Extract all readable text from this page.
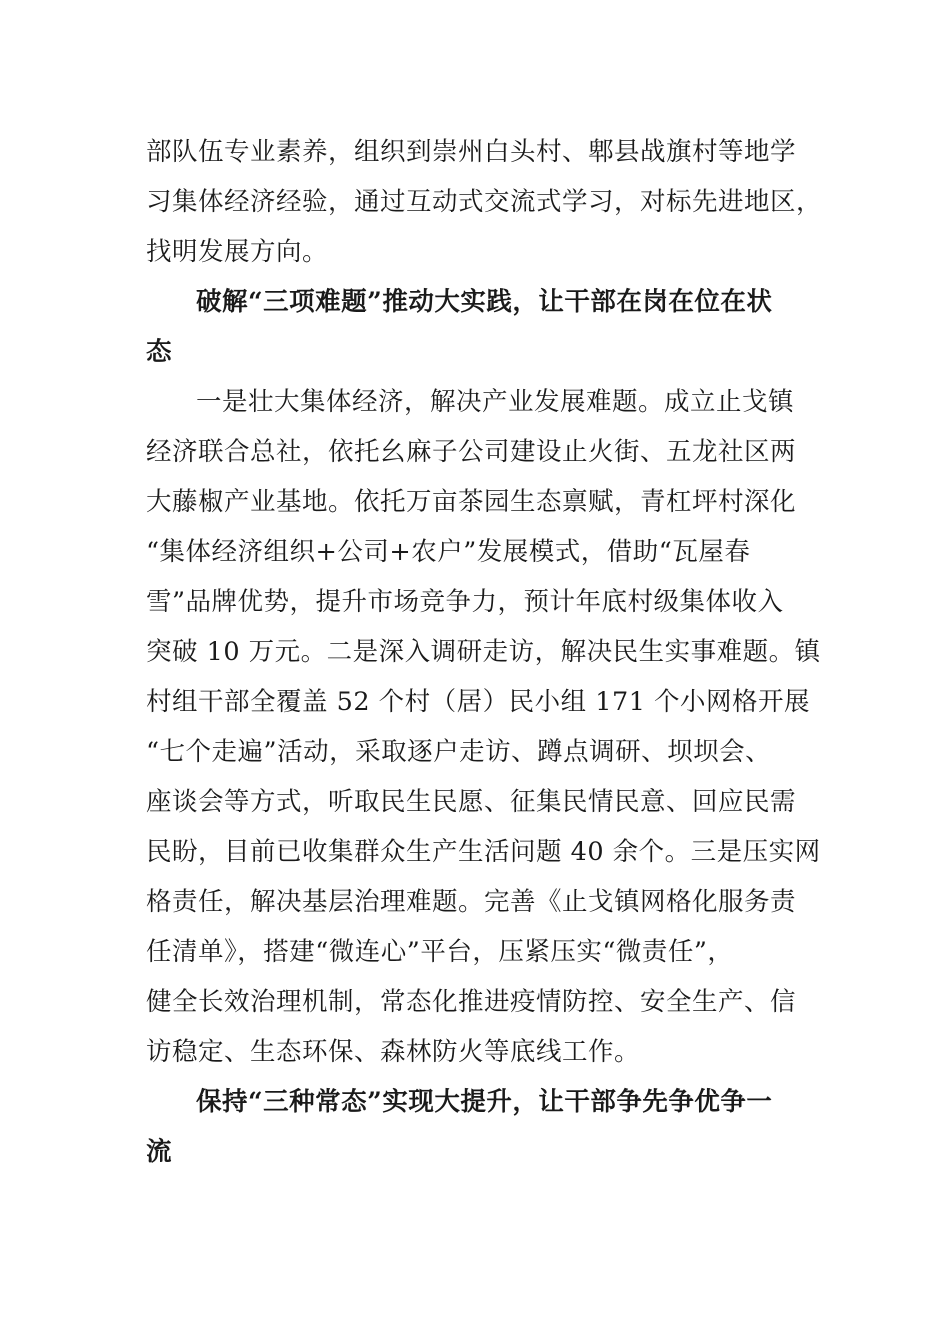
部队伍专业素养，组织到崇州白头村、郫县战旗村等地学
习集体经济经验，通过互动式交流式学习，对标先进地区，
找明发展方向。
破解“三项难题”推动大实践，让干部在岗在位在状
态
一是壮大集体经济，解决产业发展难题。成立止戈镇
经济联合总社，依托幺麻子公司建设止火街、五龙社区两
大藤椒产业基地。依托万亩茶园生态禀赋，青杠坪村深化
“集体经济组织+公司+农户”发展模式，借助“瓦屋春
雪”品牌优势，提升市场竞争力，预计年底村级集体收入
突破 10 万元。二是深入调研走访，解决民生实事难题。镇
村组干部全覆盖 52 个村（居）民小组 171 个小网格开展
“七个走遍”活动，采取逐户走访、蹲点调研、坝坝会、
座谈会等方式，听取民生民愿、征集民情民意、回应民需
民盼，目前已收集群众生产生活问题 40 余个。三是压实网
格责任，解决基层治理难题。完善《止戈镇网格化服务责
任清单》，搭建“微连心”平台，压紧压实“微责任”，
健全长效治理机制，常态化推进疫情防控、安全生产、信
访稳定、生态环保、森林防火等底线工作。
保持“三种常态”实现大提升，让干部争先争优争一
流
